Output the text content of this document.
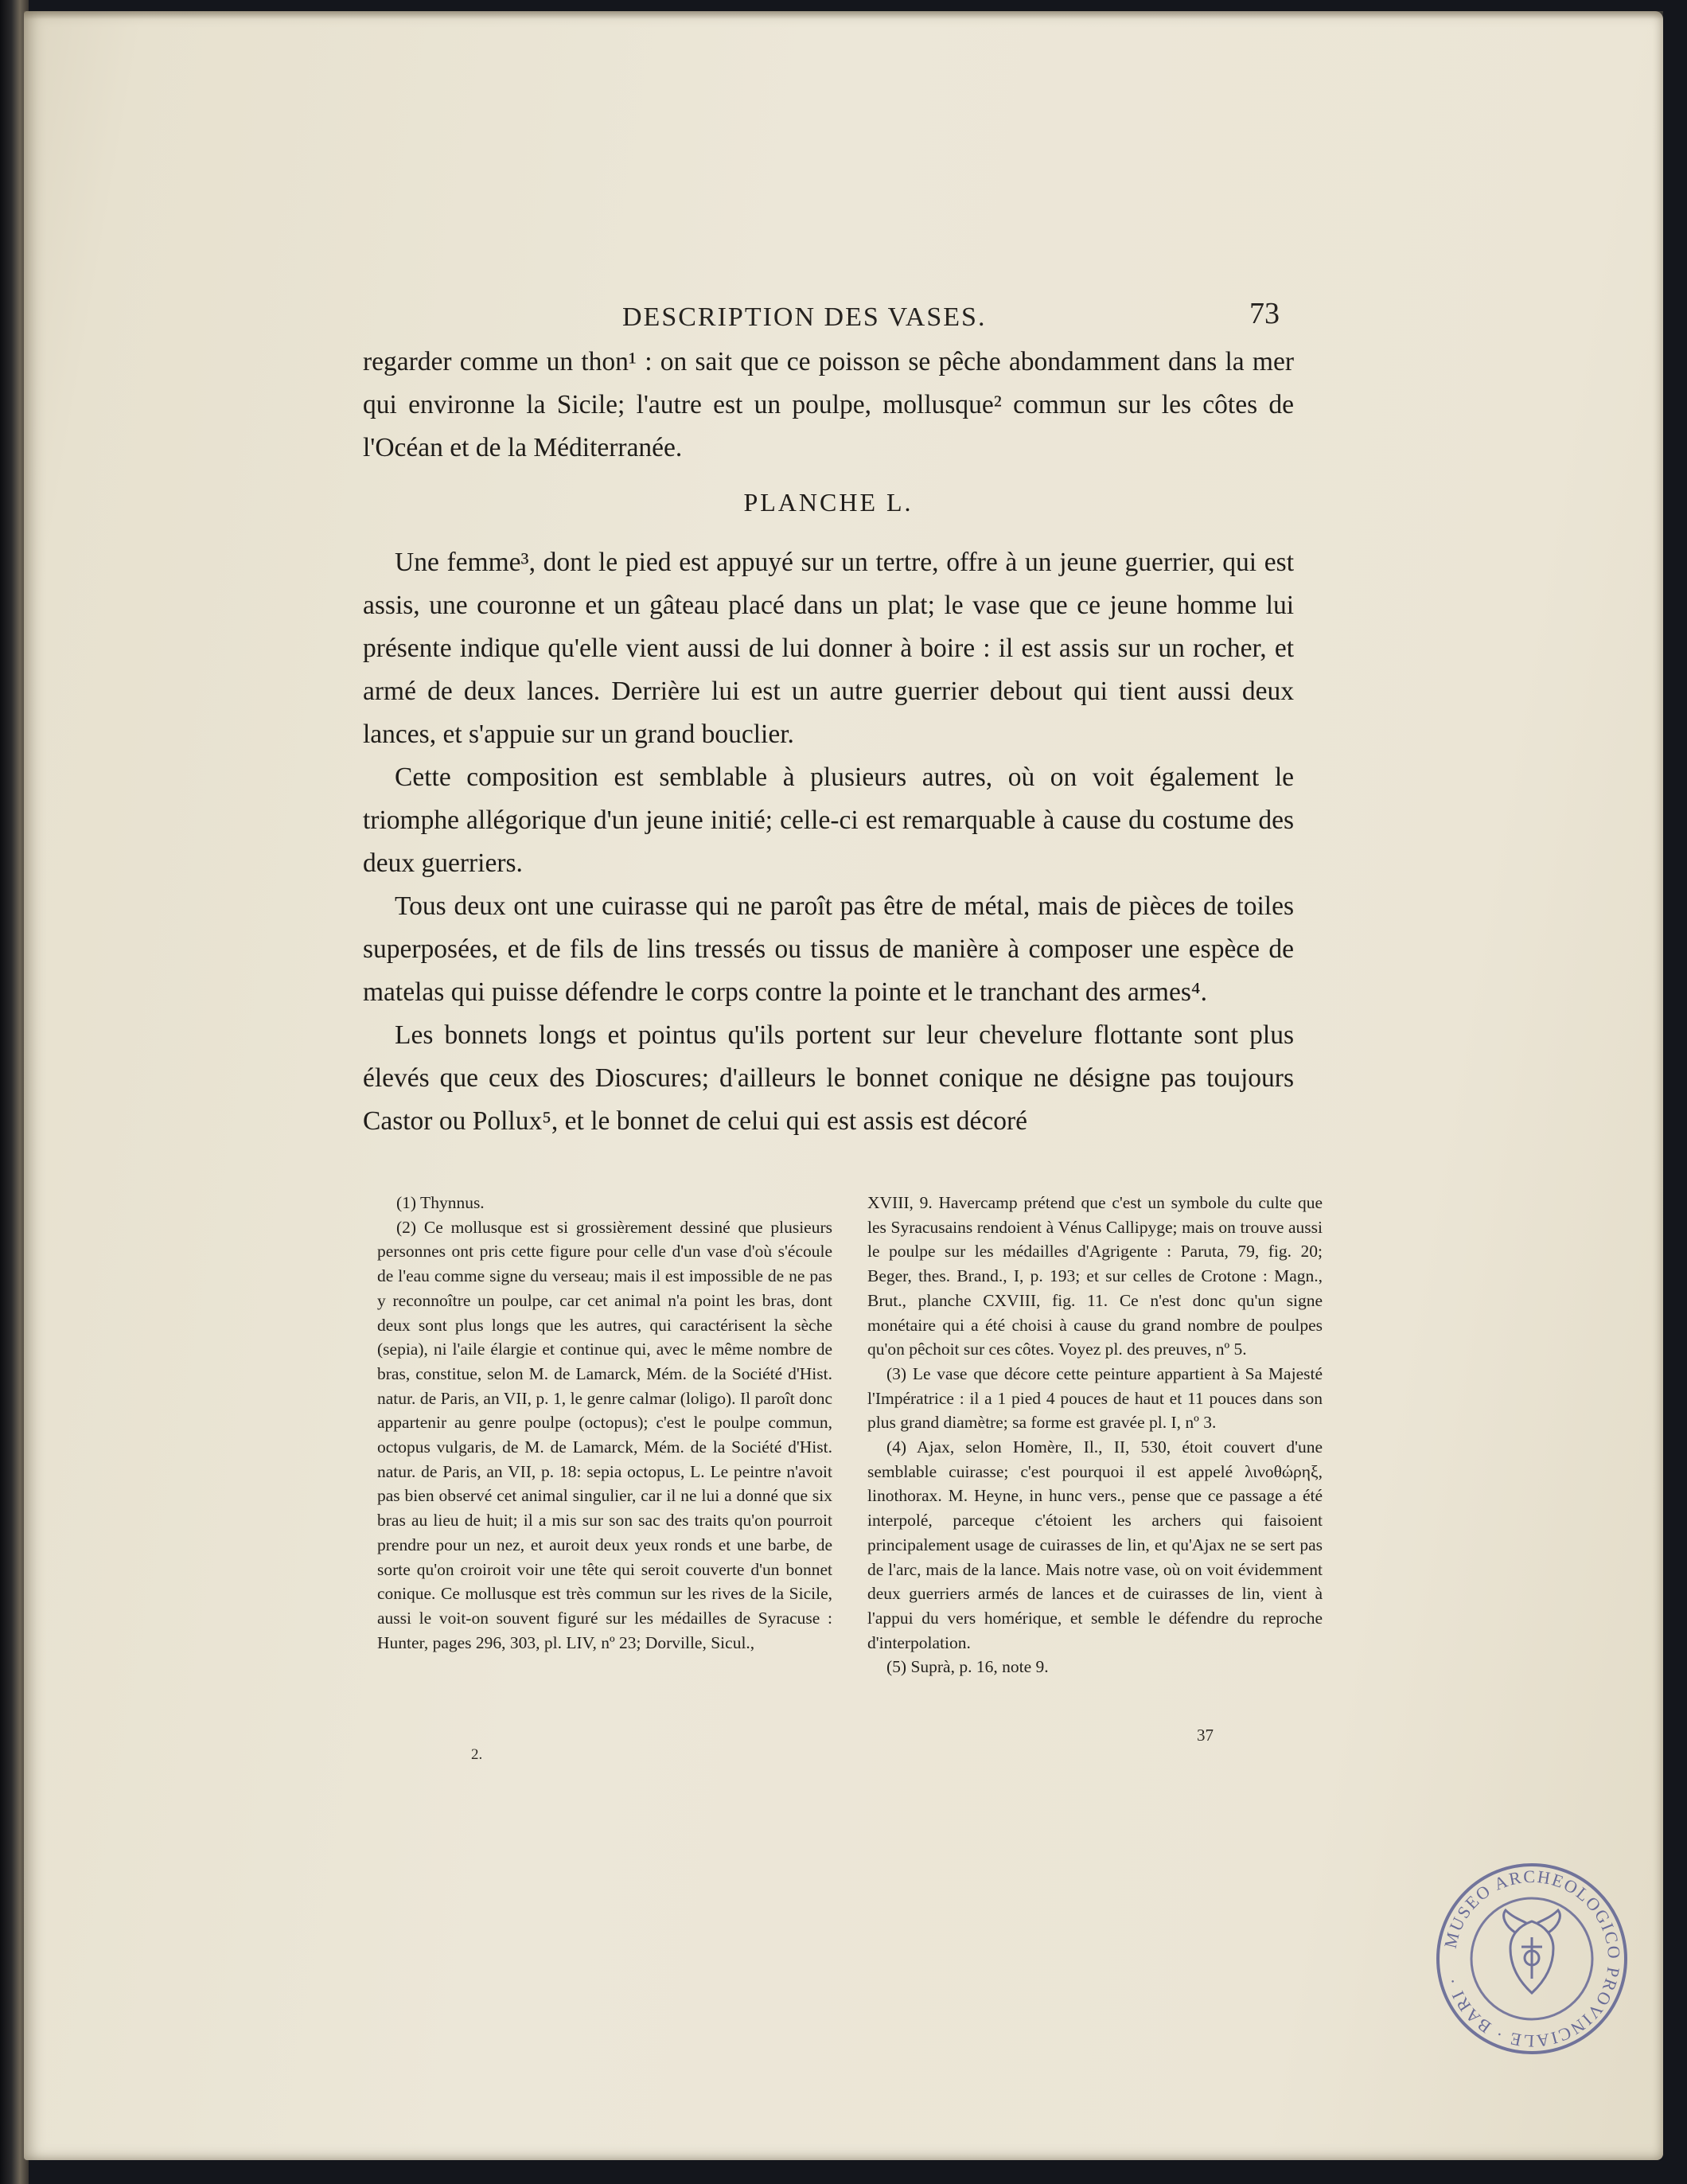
DESCRIPTION DES VASES.	73

regarder comme un thon¹ : on sait que ce poisson se pêche abondamment dans la mer qui environne la Sicile; l'autre est un poulpe, mollusque² commun sur les côtes de l'Océan et de la Méditerranée.

PLANCHE L.

Une femme³, dont le pied est appuyé sur un tertre, offre à un jeune guerrier, qui est assis, une couronne et un gâteau placé dans un plat; le vase que ce jeune homme lui présente indique qu'elle vient aussi de lui donner à boire : il est assis sur un rocher, et armé de deux lances. Derrière lui est un autre guerrier debout qui tient aussi deux lances, et s'appuie sur un grand bouclier.

Cette composition est semblable à plusieurs autres, où on voit également le triomphe allégorique d'un jeune initié; celle-ci est remarquable à cause du costume des deux guerriers.

Tous deux ont une cuirasse qui ne paroît pas être de métal, mais de pièces de toiles superposées, et de fils de lins tressés ou tissus de manière à composer une espèce de matelas qui puisse défendre le corps contre la pointe et le tranchant des armes⁴.

Les bonnets longs et pointus qu'ils portent sur leur chevelure flottante sont plus élevés que ceux des Dioscures; d'ailleurs le bonnet conique ne désigne pas toujours Castor ou Pollux⁵, et le bonnet de celui qui est assis est décoré

(1) Thynnus.

(2) Ce mollusque est si grossièrement dessiné que plusieurs personnes ont pris cette figure pour celle d'un vase d'où s'écoule de l'eau comme signe du verseau; mais il est impossible de ne pas y reconnoître un poulpe, car cet animal n'a point les bras, dont deux sont plus longs que les autres, qui caractérisent la sèche (sepia), ni l'aile élargie et continue qui, avec le même nombre de bras, constitue, selon M. de Lamarck, Mém. de la Société d'Hist. natur. de Paris, an VII, p. 1, le genre calmar (loligo). Il paroît donc appartenir au genre poulpe (octopus); c'est le poulpe commun, octopus vulgaris, de M. de Lamarck, Mém. de la Société d'Hist. natur. de Paris, an VII, p. 18: sepia octopus, L. Le peintre n'avoit pas bien observé cet animal singulier, car il ne lui a donné que six bras au lieu de huit; il a mis sur son sac des traits qu'on pourroit prendre pour un nez, et auroit deux yeux ronds et une barbe, de sorte qu'on croiroit voir une tête qui seroit couverte d'un bonnet conique. Ce mollusque est très commun sur les rives de la Sicile, aussi le voit-on souvent figuré sur les médailles de Syracuse : Hunter, pages 296, 303, pl. LIV, nº 23; Dorville, Sicul.,

XVIII, 9. Havercamp prétend que c'est un symbole du culte que les Syracusains rendoient à Vénus Callipyge; mais on trouve aussi le poulpe sur les médailles d'Agrigente : Paruta, 79, fig. 20; Beger, thes. Brand., I, p. 193; et sur celles de Crotone : Magn., Brut., planche CXVIII, fig. 11. Ce n'est donc qu'un signe monétaire qui a été choisi à cause du grand nombre de poulpes qu'on pêchoit sur ces côtes. Voyez pl. des preuves, nº 5.

(3) Le vase que décore cette peinture appartient à Sa Majesté l'Impératrice : il a 1 pied 4 pouces de haut et 11 pouces dans son plus grand diamètre; sa forme est gravée pl. I, nº 3.

(4) Ajax, selon Homère, Il., II, 530, étoit couvert d'une semblable cuirasse; c'est pourquoi il est appelé λινοθώρηξ, linothorax. M. Heyne, in hunc vers., pense que ce passage a été interpolé, parceque c'étoient les archers qui faisoient principalement usage de cuirasses de lin, et qu'Ajax ne se sert pas de l'arc, mais de la lance. Mais notre vase, où on voit évidemment deux guerriers armés de lances et de cuirasses de lin, vient à l'appui du vers homérique, et semble le défendre du reproche d'interpolation.

(5) Suprà, p. 16, note 9.

2.
37
MUSEO ARCHEOLOGICO PROVINCIALE · BARI ·
